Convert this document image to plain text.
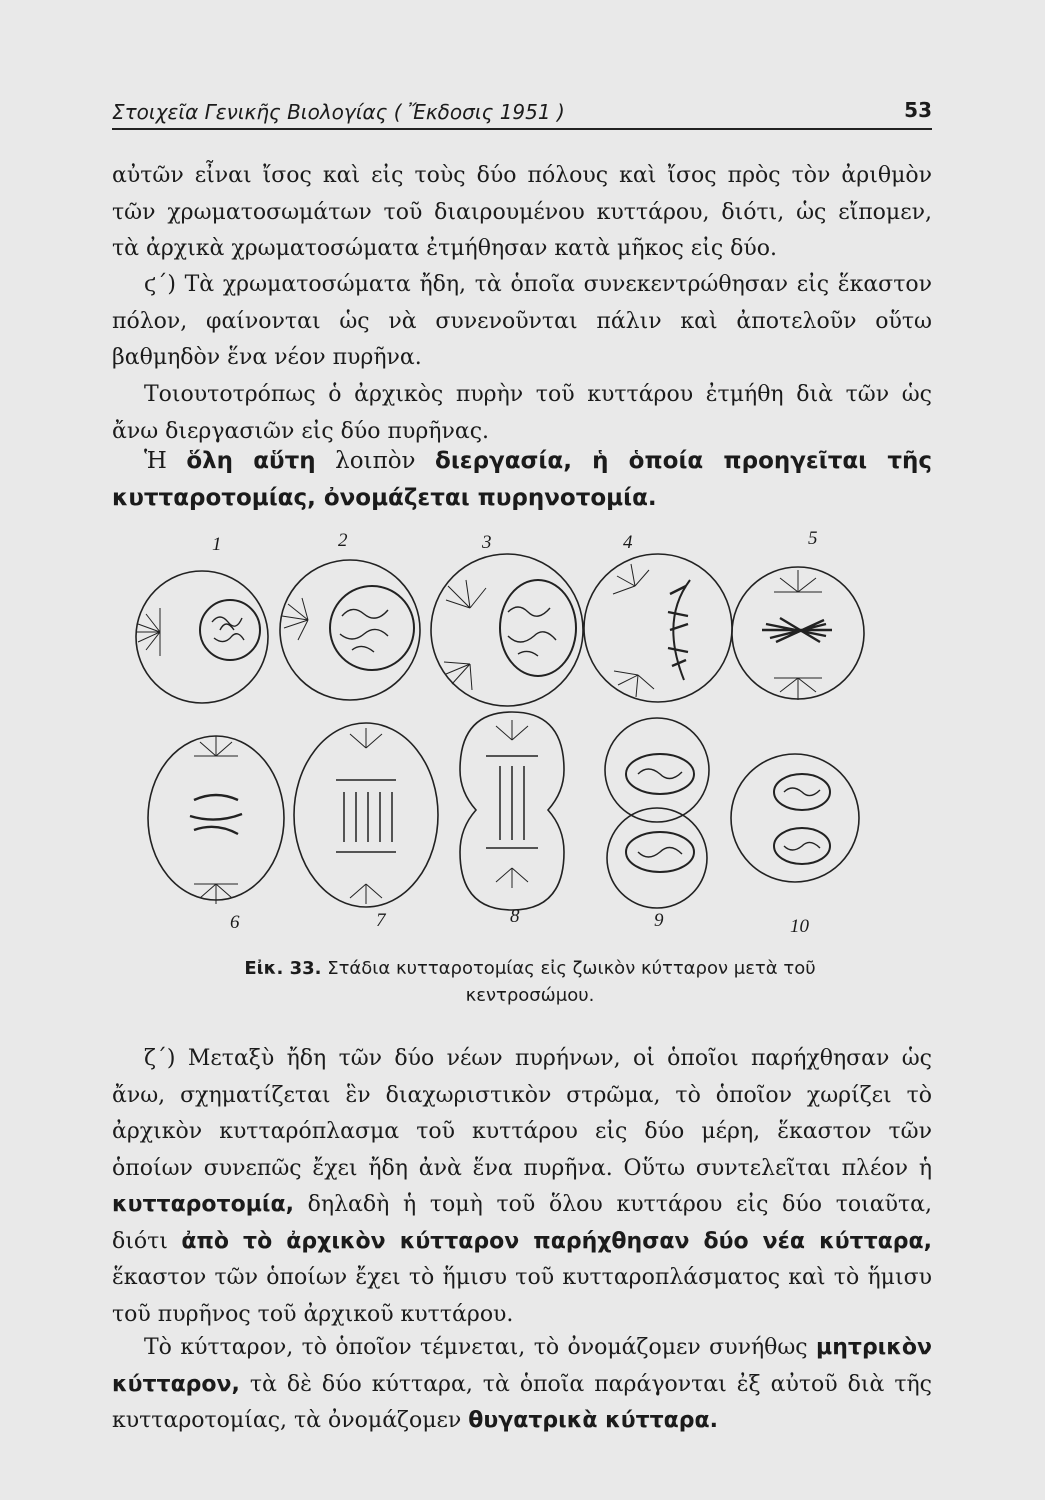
Στοιχεῖα Γενικῆς Βιολογίας ( Ἔκδοσις 1951 )	53

αὐτῶν εἶναι ἴσος καὶ εἰς τοὺς δύο πόλους καὶ ἴσος πρὸς τὸν ἀριθμὸν τῶν χρωματοσωμάτων τοῦ διαιρουμένου κυττάρου, διότι, ὡς εἴπομεν, τὰ ἀρχικὰ χρωματοσώματα ἐτμήθησαν κατὰ μῆκος εἰς δύο.

ϛ΄) Τὰ χρωματοσώματα ἤδη, τὰ ὁποῖα συνεκεντρώθησαν εἰς ἕκαστον πόλον, φαίνονται ὡς νὰ συνενοῦνται πάλιν καὶ ἀποτελοῦν οὕτω βαθμηδὸν ἕνα νέον πυρῆνα.

Τοιουτοτρόπως ὁ ἀρχικὸς πυρὴν τοῦ κυττάρου ἐτμήθη διὰ τῶν ὡς ἄνω διεργασιῶν εἰς δύο πυρῆνας.

Ἡ ὅλη αὕτη λοιπὸν διεργασία, ἡ ὁποία προηγεῖται τῆς κυτταροτομίας, ὀνομάζεται πυρηνοτομία.

1	2	3	4	5
6	7	8	9	10
Εἰκ. 33. Στάδια κυτταροτομίας εἰς ζωικὸν κύτταρον μετὰ τοῦ κεντροσώμου.

ζ΄) Μεταξὺ ἤδη τῶν δύο νέων πυρήνων, οἱ ὁποῖοι παρήχθησαν ὡς ἄνω, σχηματίζεται ἓν διαχωριστικὸν στρῶμα, τὸ ὁποῖον χωρίζει τὸ ἀρχικὸν κυτταρόπλασμα τοῦ κυττάρου εἰς δύο μέρη, ἕκαστον τῶν ὁποίων συνεπῶς ἔχει ἤδη ἀνὰ ἕνα πυρῆνα. Οὕτω συντελεῖται πλέον ἡ κυτταροτομία, δηλαδὴ ἡ τομὴ τοῦ ὅλου κυττάρου εἰς δύο τοιαῦτα, διότι ἀπὸ τὸ ἀρχικὸν κύτταρον παρήχθησαν δύο νέα κύτταρα, ἕκαστον τῶν ὁποίων ἔχει τὸ ἥμισυ τοῦ κυτταροπλάσματος καὶ τὸ ἥμισυ τοῦ πυρῆνος τοῦ ἀρχικοῦ κυττάρου.

Τὸ κύτταρον, τὸ ὁποῖον τέμνεται, τὸ ὀνομάζομεν συνήθως μητρικὸν κύτταρον, τὰ δὲ δύο κύτταρα, τὰ ὁποῖα παράγονται ἐξ αὐτοῦ διὰ τῆς κυτταροτομίας, τὰ ὀνομάζομεν θυγατρικὰ κύτταρα.
